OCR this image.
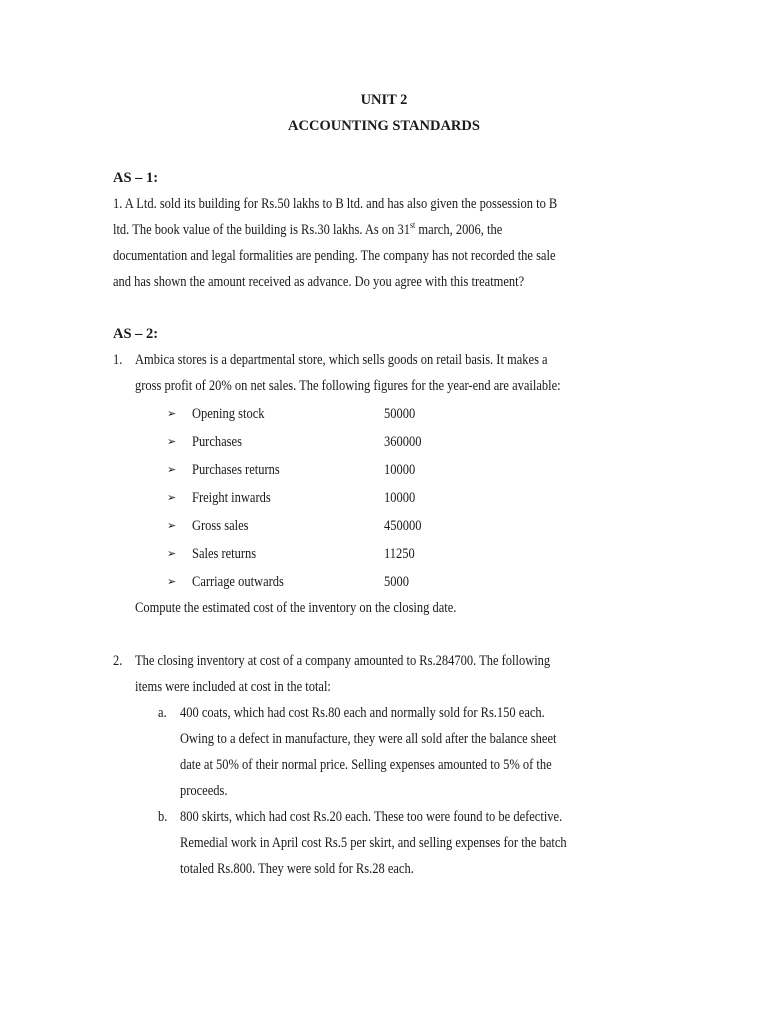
UNIT 2
ACCOUNTING STANDARDS
AS – 1:
1. A Ltd. sold its building for Rs.50 lakhs to B ltd. and has also given the possession to B
ltd. The book value of the building is Rs.30 lakhs. As on 31st march, 2006, the
documentation and legal formalities are pending. The company has not recorded the sale
and has shown the amount received as advance. Do you agree with this treatment?
AS – 2:
1. Ambica stores is a departmental store, which sells goods on retail basis. It makes a
gross profit of 20% on net sales. The following figures for the year-end are available:
➢ Opening stock	50000
➢ Purchases	360000
➢ Purchases returns	10000
➢ Freight inwards	10000
➢ Gross sales	450000
➢ Sales returns	11250
➢ Carriage outwards	5000
Compute the estimated cost of the inventory on the closing date.
2. The closing inventory at cost of a company amounted to Rs.284700. The following
items were included at cost in the total:
a. 400 coats, which had cost Rs.80 each and normally sold for Rs.150 each.
Owing to a defect in manufacture, they were all sold after the balance sheet
date at 50% of their normal price. Selling expenses amounted to 5% of the
proceeds.
b. 800 skirts, which had cost Rs.20 each. These too were found to be defective.
Remedial work in April cost Rs.5 per skirt, and selling expenses for the batch
totaled Rs.800. They were sold for Rs.28 each.
